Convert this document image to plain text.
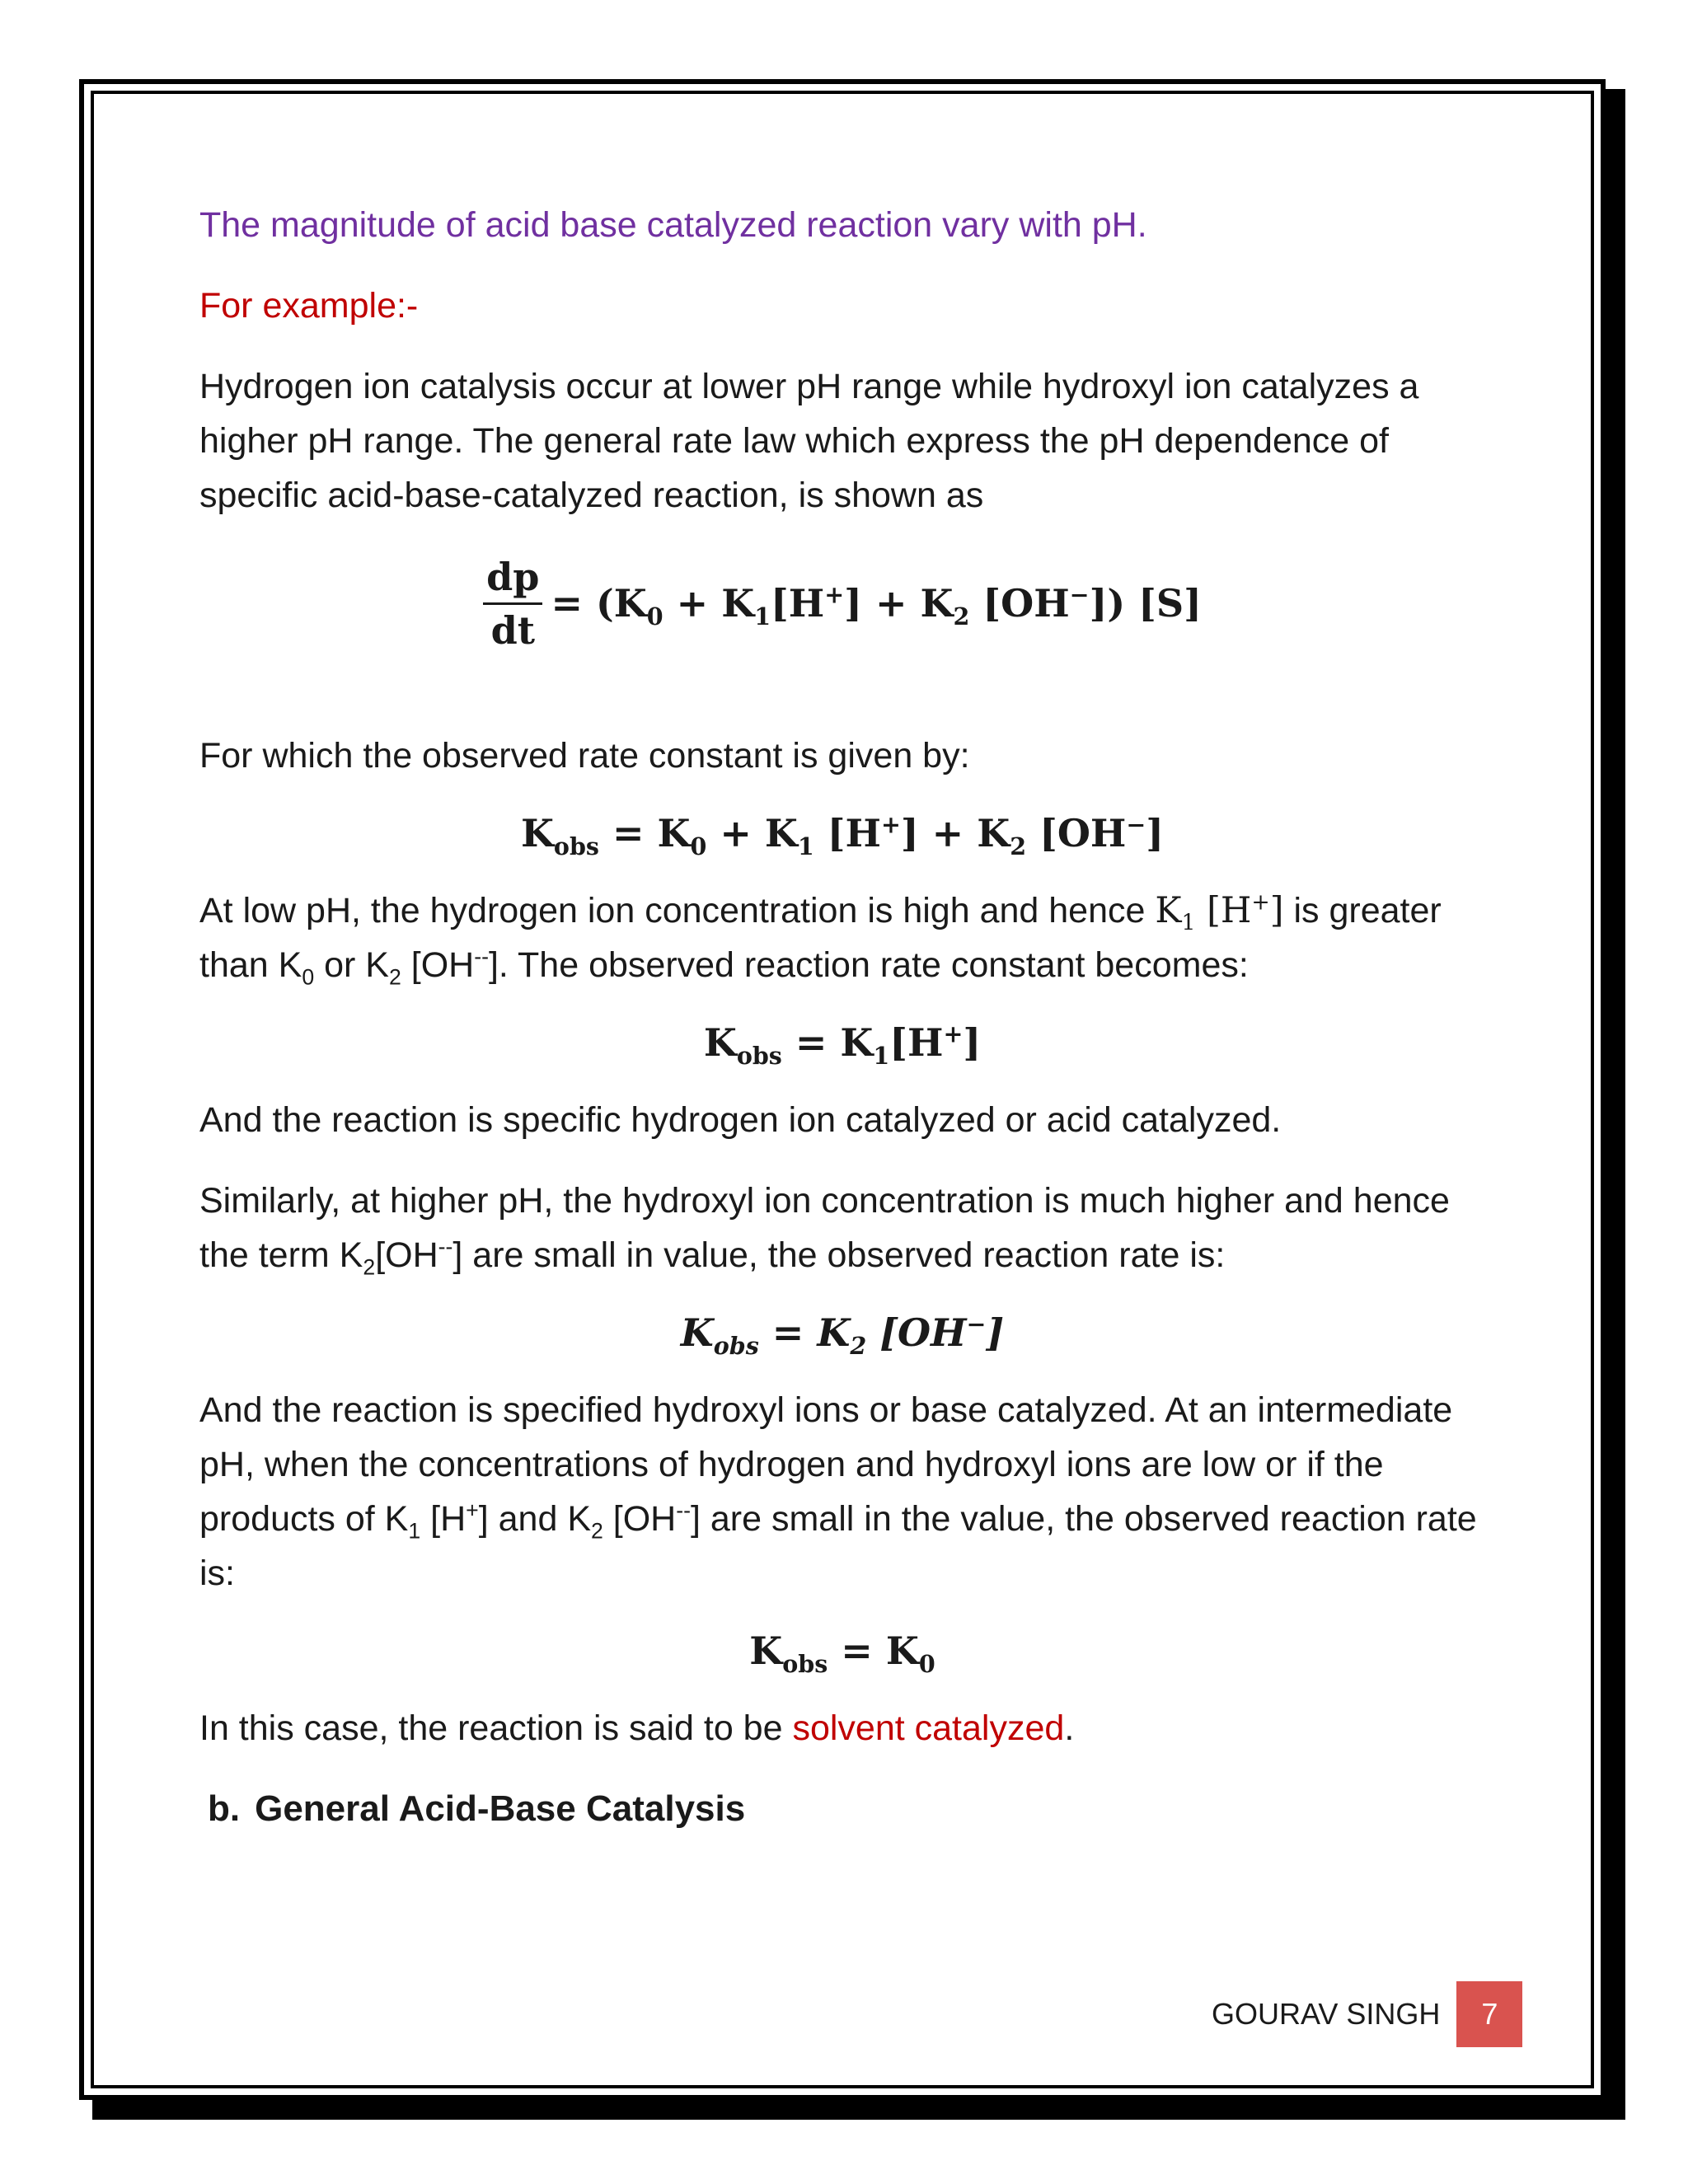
The magnitude of acid base catalyzed reaction vary with pH.

For example:-

Hydrogen ion catalysis occur at lower pH range while hydroxyl ion catalyzes a higher pH range. The general rate law which express the pH dependence of specific acid-base-catalyzed reaction, is shown as

$\frac{dp}{dt} = (K_0 + K_1[H^+] + K_2$ [OH−]) [S]

For which the observed rate constant is given by:

$K_{obs} = K_0 + K_1$ $[H^+] + K_2$ [OH−]

At low pH, the hydrogen ion concentration is high and hence $K_1$ [H+] is greater than $K_0$ or $K_2$ [OH--]. The observed reaction rate constant becomes:

$K_{obs} = K_1[H^+]$

And the reaction is specific hydrogen ion catalyzed or acid catalyzed.

Similarly, at higher pH, the hydroxyl ion concentration is much higher and hence the term $K_2[OH^{--}]$ are small in value, the observed reaction rate is:

$K_{obs} = K_2$ [OH−]

And the reaction is specified hydroxyl ions or base catalyzed. At an intermediate pH, when the concentrations of hydrogen and hydroxyl ions are low or if the products of $K_1$ [H+] and $K_2$ [OH--] are small in the value, the observed reaction rate is:

$K_{obs} = K_0$

In this case, the reaction is said to be solvent catalyzed.

b. General Acid-Base Catalysis

GOURAV SINGH	7
